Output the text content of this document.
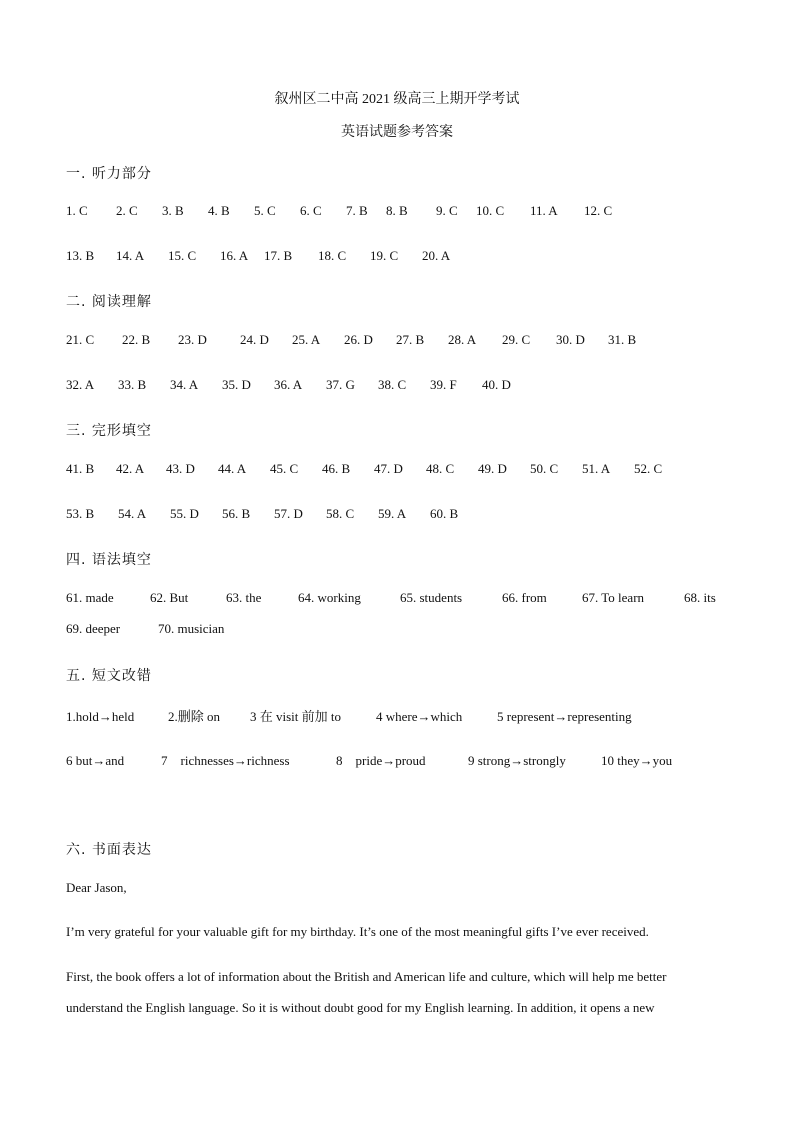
叙州区二中高 2021 级高三上期开学考试
英语试题参考答案
一. 听力部分
1. C 2. C 3. B 4. B 5. C 6. C 7. B 8. B 9. C 10. C 11. A 12. C
13. B 14. A 15. C 16. A 17. B 18. C 19. C 20. A
二. 阅读理解
21. C 22. B 23. D	24. D 25. A 26. D 27. B 28. A 29. C 30. D 31. B
32. A 33. B 34. A 35. D 36. A 37. G 38. C 39. F 40. D
三. 完形填空
41. B 42. A 43. D 44. A 45. C 46. B 47. D 48. C 49. D 50. C 51. A 52. C
53. B 54. A 55. D 56. B 57. D 58. C 59. A 60. B
四. 语法填空
61. made	62. But	63. the	64. working	65. students	66. from	67. To learn	68. its
69. deeper	70. musician
五. 短文改错
1.hold→held	2.删除 on 3 在 visit 前加 to	4 where→which	5 represent→representing
6 but→and	7　richnesses→richness	8　pride→proud	9 strong→strongly	10 they→you
六. 书面表达
Dear Jason,
I’m very grateful for your valuable gift for my birthday. It’s one of the most meaningful gifts I’ve ever received.
First, the book offers a lot of information about the British and American life and culture, which will help me better
understand the English language. So it is without doubt good for my English learning. In addition, it opens a new
